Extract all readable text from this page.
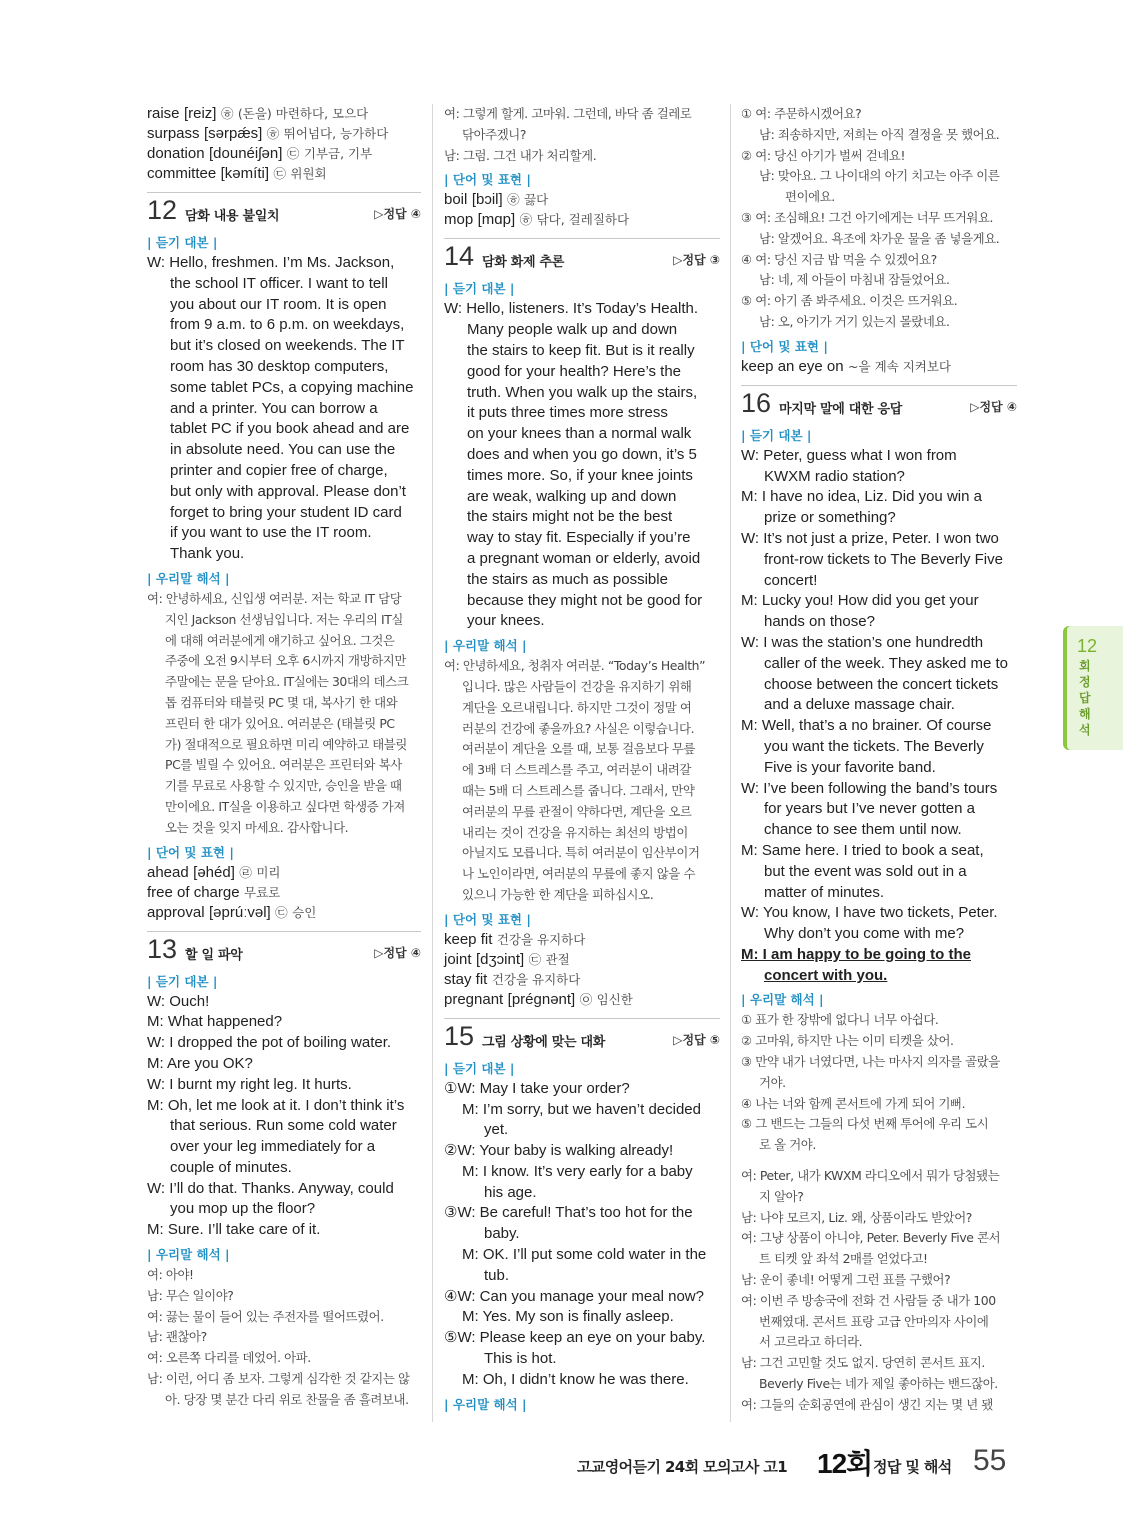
raise [reiz] ㉭ (돈을) 마련하다, 모으다
surpass [sərpǽs] ㉭ 뛰어넘다, 능가하다
donation [dounéiʃən] ㉢ 기부금, 기부
committee [kəmíti] ㉢ 위원회
12 담화 내용 불일치	▷정답 ④
| 듣기 대본 |
W: Hello, freshmen. I’m Ms. Jackson,
the school IT officer. I want to tell
you about our IT room. It is open
from 9 a.m. to 6 p.m. on weekdays,
but it’s closed on weekends. The IT
room has 30 desktop computers,
some tablet PCs, a copying machine
and a printer. You can borrow a
tablet PC if you book ahead and are
in absolute need. You can use the
printer and copier free of charge,
but only with approval. Please don’t
forget to bring your student ID card
if you want to use the IT room.
Thank you.
| 우리말 해석 |
여: 안녕하세요, 신입생 여러분. 저는 학교 IT 담당
지인 Jackson 선생님입니다. 저는 우리의 IT실
에 대해 여러분에게 얘기하고 싶어요. 그것은
주중에 오전 9시부터 오후 6시까지 개방하지만
주말에는 문을 닫아요. IT실에는 30대의 데스크
톱 컴퓨터와 태블릿 PC 몇 대, 복사기 한 대와
프린터 한 대가 있어요. 여러분은 (태블릿 PC
가) 절대적으로 필요하면 미리 예약하고 태블릿
PC를 빌릴 수 있어요. 여러분은 프린터와 복사
기를 무료로 사용할 수 있지만, 승인을 받을 때
만이에요. IT실을 이용하고 싶다면 학생증 가져
오는 것을 잊지 마세요. 감사합니다.
| 단어 및 표현 |
ahead [əhéd] ㉣ 미리
free of charge 무료로
approval [əprúːvəl] ㉢ 승인
13 할 일 파악	▷정답 ④
| 듣기 대본 |
W: Ouch!
M: What happened?
W: I dropped the pot of boiling water.
M: Are you OK?
W: I burnt my right leg. It hurts.
M: Oh, let me look at it. I don’t think it’s
that serious. Run some cold water
over your leg immediately for a
couple of minutes.
W: I’ll do that. Thanks. Anyway, could
you mop up the floor?
M: Sure. I’ll take care of it.
| 우리말 해석 |
여: 아야!
남: 무슨 일이야?
여: 끓는 물이 들어 있는 주전자를 떨어뜨렸어.
남: 괜찮아?
여: 오른쪽 다리를 데었어. 아파.
남: 이런, 어디 좀 보자. 그렇게 심각한 것 같지는 않
아. 당장 몇 분간 다리 위로 찬물을 좀 흘려보내.
여: 그렇게 할게. 고마워. 그런데, 바닥 좀 걸레로
닦아주겠니?
남: 그럼. 그건 내가 처리할게.
| 단어 및 표현 |
boil [bɔil] ㉭ 끓다
mop [mɑp] ㉭ 닦다, 걸레질하다
14 담화 화제 추론	▷정답 ③
| 듣기 대본 |
W: Hello, listeners. It’s Today’s Health.
Many people walk up and down
the stairs to keep fit. But is it really
good for your health? Here’s the
truth. When you walk up the stairs,
it puts three times more stress
on your knees than a normal walk
does and when you go down, it’s 5
times more. So, if your knee joints
are weak, walking up and down
the stairs might not be the best
way to stay fit. Especially if you’re
a pregnant woman or elderly, avoid
the stairs as much as possible
because they might not be good for
your knees.
| 우리말 해석 |
여: 안녕하세요, 청취자 여러분. “Today’s Health”
입니다. 많은 사람들이 건강을 유지하기 위해
계단을 오르내립니다. 하지만 그것이 정말 여
러분의 건강에 좋을까요? 사실은 이렇습니다.
여러분이 계단을 오를 때, 보통 걸음보다 무릎
에 3배 더 스트레스를 주고, 여러분이 내려갈
때는 5배 더 스트레스를 줍니다. 그래서, 만약
여러분의 무릎 관절이 약하다면, 계단을 오르
내리는 것이 건강을 유지하는 최선의 방법이
아닐지도 모릅니다. 특히 여러분이 임산부이거
나 노인이라면, 여러분의 무릎에 좋지 않을 수
있으니 가능한 한 계단을 피하십시오.
| 단어 및 표현 |
keep fit 건강을 유지하다
joint [dʒɔint] ㉢ 관절
stay fit 건강을 유지하다
pregnant [prégnənt] ㉧ 임신한
15 그림 상황에 맞는 대화	▷정답 ⑤
| 듣기 대본 |
①W: May I take your order?
M: I’m sorry, but we haven’t decided
yet.
②W: Your baby is walking already!
M: I know. It’s very early for a baby
his age.
③W: Be careful! That’s too hot for the
baby.
M: OK. I’ll put some cold water in the
tub.
④W: Can you manage your meal now?
M: Yes. My son is finally asleep.
⑤W: Please keep an eye on your baby.
This is hot.
M: Oh, I didn’t know he was there.
| 우리말 해석 |
① 여: 주문하시겠어요?
남: 죄송하지만, 저희는 아직 결정을 못 했어요.
② 여: 당신 아기가 벌써 걷네요!
남: 맞아요. 그 나이대의 아기 치고는 아주 이른
편이에요.
③ 여: 조심해요! 그건 아기에게는 너무 뜨거워요.
남: 알겠어요. 욕조에 차가운 물을 좀 넣을게요.
④ 여: 당신 지금 밥 먹을 수 있겠어요?
남: 네, 제 아들이 마침내 잠들었어요.
⑤ 여: 아기 좀 봐주세요. 이것은 뜨거워요.
남: 오, 아기가 거기 있는지 몰랐네요.
| 단어 및 표현 |
keep an eye on ~을 계속 지켜보다
16 마지막 말에 대한 응답	▷정답 ④
| 듣기 대본 |
W: Peter, guess what I won from
KWXM radio station?
M: I have no idea, Liz. Did you win a
prize or something?
W: It’s not just a prize, Peter. I won two
front-row tickets to The Beverly Five
concert!
M: Lucky you! How did you get your
hands on those?
W: I was the station’s one hundredth
caller of the week. They asked me to
choose between the concert tickets
and a deluxe massage chair.
M: Well, that’s a no brainer. Of course
you want the tickets. The Beverly
Five is your favorite band.
W: I’ve been following the band’s tours
for years but I’ve never gotten a
chance to see them until now.
M: Same here. I tried to book a seat,
but the event was sold out in a
matter of minutes.
W: You know, I have two tickets, Peter.
Why don’t you come with me?
M: I am happy to be going to the
concert with you.
| 우리말 해석 |
① 표가 한 장밖에 없다니 너무 아쉽다.
② 고마워, 하지만 나는 이미 티켓을 샀어.
③ 만약 내가 너였다면, 나는 마사지 의자를 골랐을
거야.
④ 나는 너와 함께 콘서트에 가게 되어 기뻐.
⑤ 그 밴드는 그들의 다섯 번째 투어에 우리 도시
로 올 거야.
여: Peter, 내가 KWXM 라디오에서 뭐가 당첨됐는
지 알아?
남: 나야 모르지, Liz. 왜, 상품이라도 받았어?
여: 그냥 상품이 아니야, Peter. Beverly Five 콘서
트 티켓 앞 좌석 2매를 얻었다고!
남: 운이 좋네! 어떻게 그런 표를 구했어?
여: 이번 주 방송국에 전화 건 사람들 중 내가 100
번째였대. 콘서트 표랑 고급 안마의자 사이에
서 고르라고 하더라.
남: 그건 고민할 것도 없지. 당연히 콘서트 표지.
Beverly Five는 네가 제일 좋아하는 밴드잖아.
여: 그들의 순회공연에 관심이 생긴 지는 몇 년 됐
12
회 정답 해석
고교영어듣기 24회 모의고사 고1 12회 정답 및 해석 55
